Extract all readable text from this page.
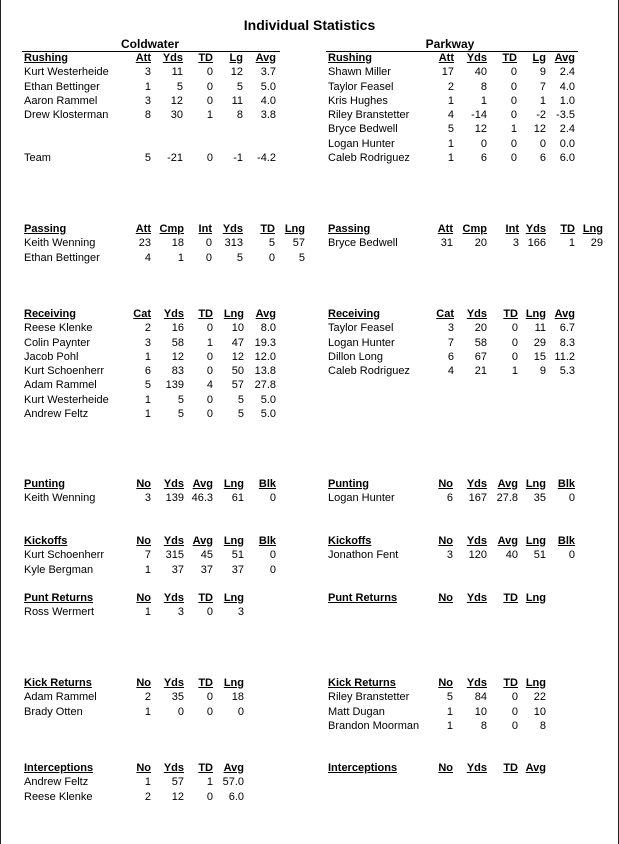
Individual Statistics
Coldwater	Parkway
Rushing	Att	Yds	TD	Lg	Avg
Kurt Westerheide	3	11	0	12	3.7
Ethan Bettinger	1	5	0	5	5.0
Aaron Rammel	3	12	0	11	4.0
Drew Klosterman	8	30	1	8	3.8
Team	5	-21	0	-1	-4.2
Passing	Att Cmp	Int Yds	TD Lng
Keith Wenning	23	18	0	313	5	57
Ethan Bettinger	4	1	0	5	0	5
Receiving	Cat	Yds	TD Lng	Avg
Reese Klenke	2	16	0	10	8.0
Colin Paynter	3	58	1	47 19.3
Jacob Pohl	1	12	0	12 12.0
Kurt Schoenherr	6	83	0	50 13.8
Adam Rammel	5	139	4	57 27.8
Kurt Westerheide	1	5	0	5	5.0
Andrew Feltz	1	5	0	5	5.0
Punting	No	Yds Avg Lng	Blk
Keith Wenning	3	139 46.3	61	0
Kickoffs	No	Yds Avg Lng	Blk
Kurt Schoenherr	7	315	45	51	0
Kyle Bergman	1	37	37	37	0
Punt Returns	No	Yds	TD Lng
Ross Wermert	1	3	0	3
Kick Returns	No	Yds	TD Lng
Adam Rammel	2	35	0	18
Brady Otten	1	0	0	0
Interceptions	No	Yds	TD Avg
Andrew Feltz	1	57	1 57.0
Reese Klenke	2	12	0	6.0
Rushing	Att	Yds	TD	Lg Avg
Shawn Miller	17	40	0	9	2.4
Taylor Feasel	2	8	0	7	4.0
Kris Hughes	1	1	0	1	1.0
Riley Branstetter	4	-14	0	-2 -3.5
Bryce Bedwell	5	12	1	12	2.4
Logan Hunter	1	0	0	0	0.0
Caleb Rodriguez	1	6	0	6	6.0
Passing	Att Cmp	Int Yds	TD Lng
Bryce Bedwell	31	20	3 166	1	29
Receiving	Cat	Yds	TD Lng Avg
Taylor Feasel	3	20	0	11	6.7
Logan Hunter	7	58	0	29	8.3
Dillon Long	6	67	0	15 11.2
Caleb Rodriguez	4	21	1	9	5.3
Punting	No	Yds Avg Lng	Blk
Logan Hunter	6	167 27.8	35	0
Kickoffs	No	Yds Avg Lng	Blk
Jonathon Fent	3	120	40	51	0
Punt Returns	No	Yds	TD Lng
Kick Returns	No	Yds	TD Lng
Riley Branstetter	5	84	0	22
Matt Dugan	1	10	0	10
Brandon Moorman	1	8	0	8
Interceptions	No	Yds	TD Avg
